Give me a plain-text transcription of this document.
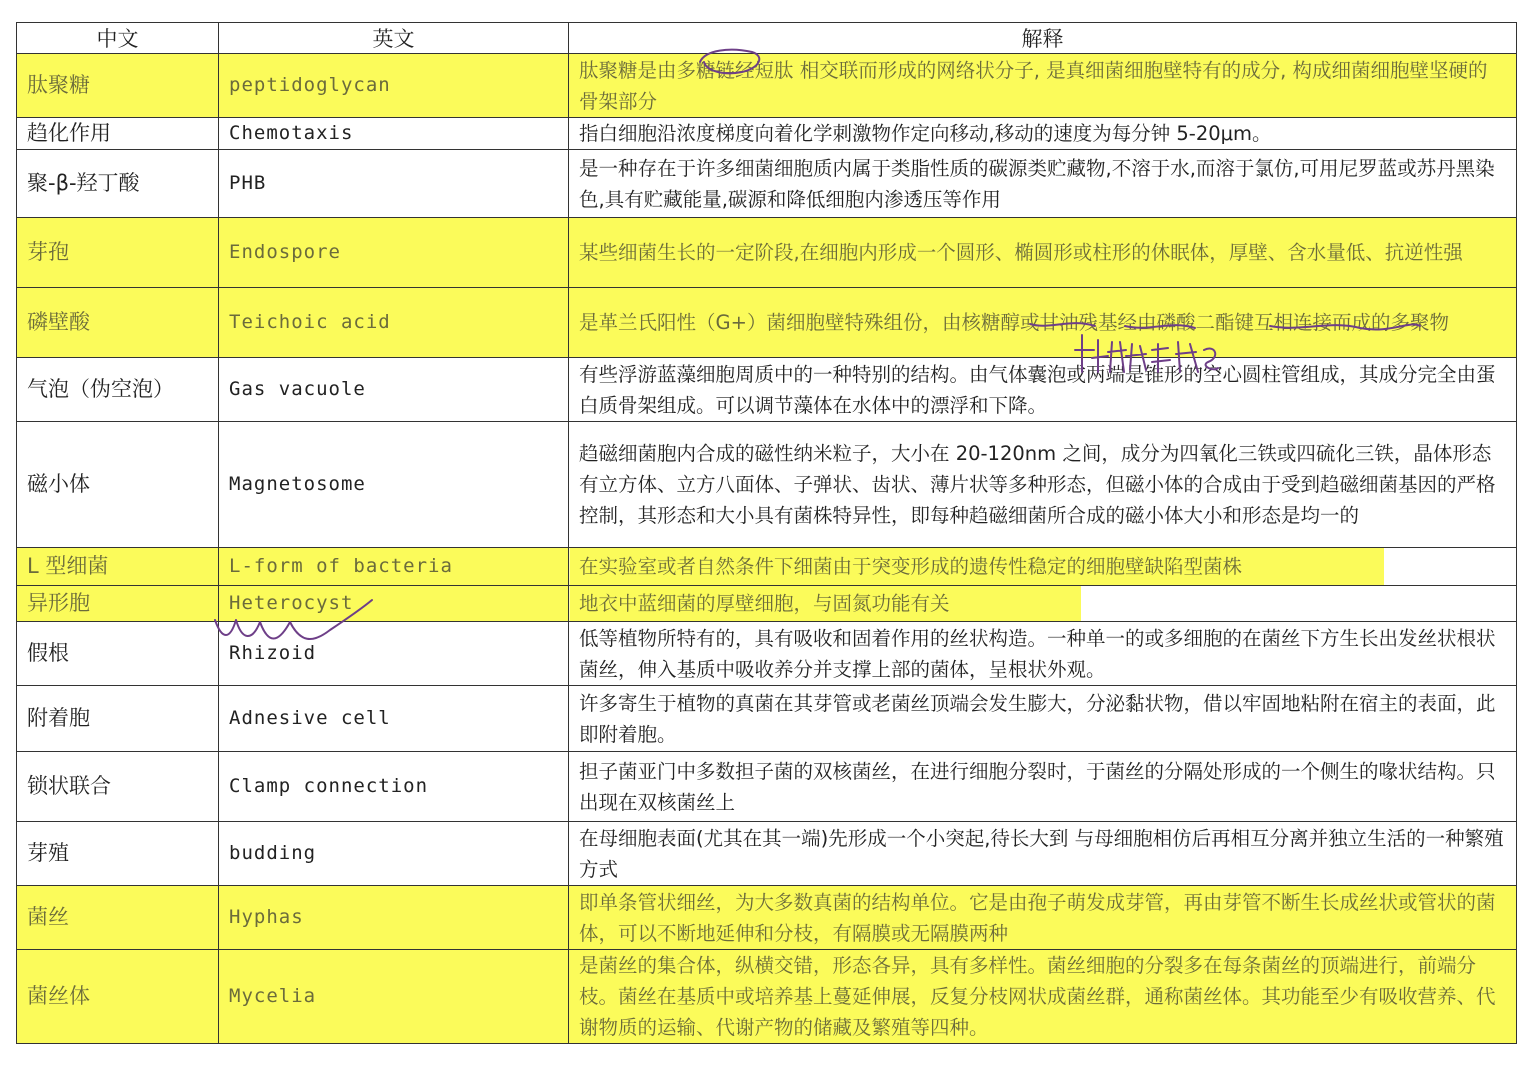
中文	英文	解释
肽聚糖	peptidoglycan	肽聚糖是由多糖链经短肽 相交联而形成的网络状分子, 是真细菌细胞壁特有的成分, 构成细菌细胞壁坚硬的骨架部分
趋化作用	Chemotaxis	指白细胞沿浓度梯度向着化学刺激物作定向移动,移动的速度为每分钟 5-20μm。
聚-β-羟丁酸	PHB	是一种存在于许多细菌细胞质内属于类脂性质的碳源类贮藏物,不溶于水,而溶于氯仿,可用尼罗蓝或苏丹黑染色,具有贮藏能量,碳源和降低细胞内渗透压等作用
芽孢	Endospore	某些细菌生长的一定阶段,在细胞内形成一个圆形、椭圆形或柱形的休眠体，厚壁、含水量低、抗逆性强
磷壁酸	Teichoic acid	是革兰氏阳性（G+）菌细胞壁特殊组份，由核糖醇或甘油残基经由磷酸二酯键互相连接而成的多聚物
气泡（伪空泡）	Gas vacuole	有些浮游蓝藻细胞周质中的一种特别的结构。由气体囊泡或两端是锥形的空心圆柱管组成，其成分完全由蛋白质骨架组成。可以调节藻体在水体中的漂浮和下降。
磁小体	Magnetosome	趋磁细菌胞内合成的磁性纳米粒子，大小在 20-120nm 之间，成分为四氧化三铁或四硫化三铁，晶体形态有立方体、立方八面体、子弹状、齿状、薄片状等多种形态，但磁小体的合成由于受到趋磁细菌基因的严格控制，其形态和大小具有菌株特异性，即每种趋磁细菌所合成的磁小体大小和形态是均一的
L 型细菌	L-form of bacteria	在实验室或者自然条件下细菌由于突变形成的遗传性稳定的细胞壁缺陷型菌株
异形胞	Heterocyst	地衣中蓝细菌的厚壁细胞，与固氮功能有关
假根	Rhizoid	低等植物所特有的，具有吸收和固着作用的丝状构造。一种单一的或多细胞的在菌丝下方生长出发丝状根状菌丝，伸入基质中吸收养分并支撑上部的菌体，呈根状外观。
附着胞	Adnesive cell	许多寄生于植物的真菌在其芽管或老菌丝顶端会发生膨大，分泌黏状物，借以牢固地粘附在宿主的表面，此即附着胞。
锁状联合	Clamp connection	担子菌亚门中多数担子菌的双核菌丝，在进行细胞分裂时，于菌丝的分隔处形成的一个侧生的喙状结构。只出现在双核菌丝上
芽殖	budding	在母细胞表面(尤其在其一端)先形成一个小突起,待长大到 与母细胞相仿后再相互分离并独立生活的一种繁殖方式
菌丝	Hyphas	即单条管状细丝，为大多数真菌的结构单位。它是由孢子萌发成芽管，再由芽管不断生长成丝状或管状的菌体，可以不断地延伸和分枝，有隔膜或无隔膜两种
菌丝体	Mycelia	是菌丝的集合体，纵横交错，形态各异，具有多样性。菌丝细胞的分裂多在每条菌丝的顶端进行，前端分枝。菌丝在基质中或培养基上蔓延伸展，反复分枝网状成菌丝群，通称菌丝体。其功能至少有吸收营养、代谢物质的运输、代谢产物的储藏及繁殖等四种。
